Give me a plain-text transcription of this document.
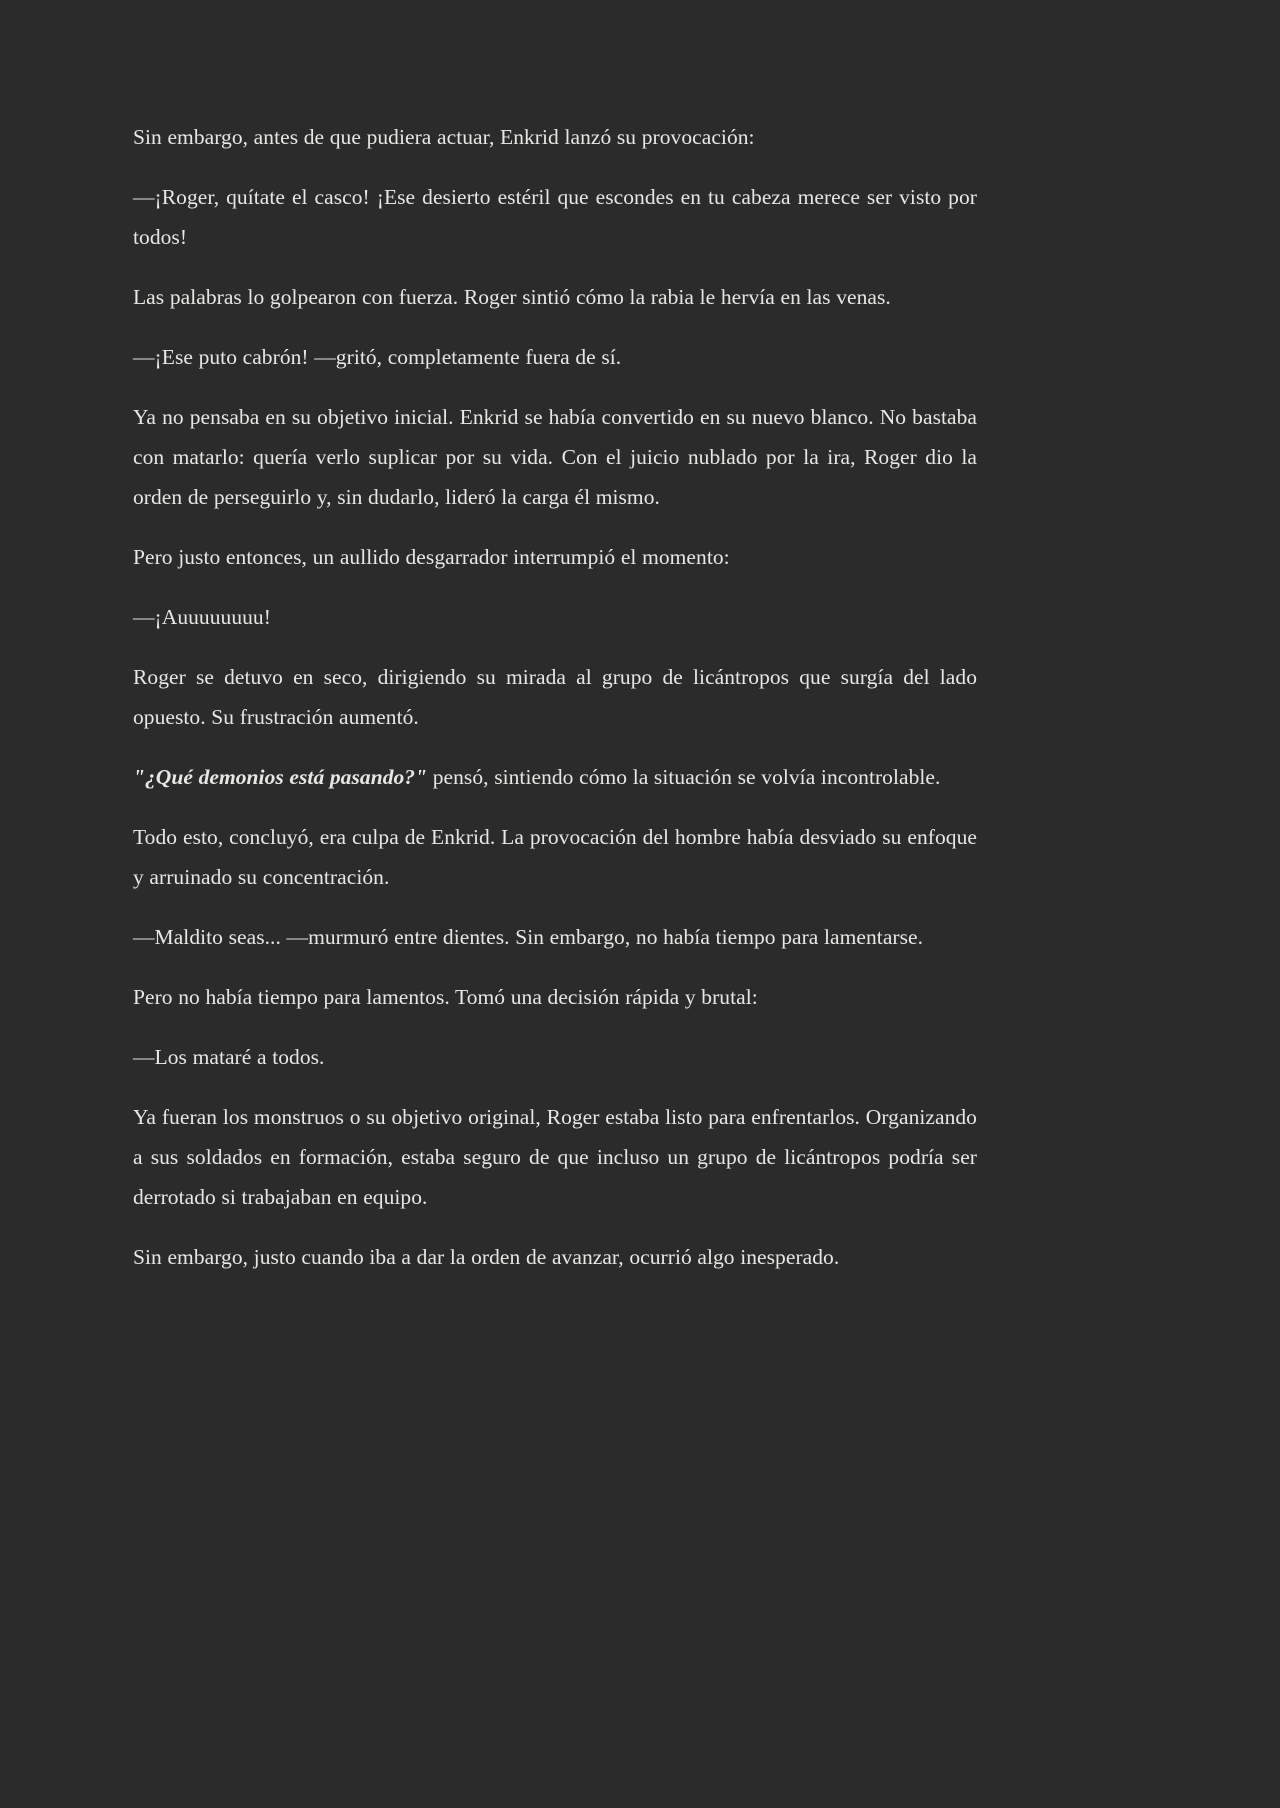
Sin embargo, antes de que pudiera actuar, Enkrid lanzó su provocación:

—¡Roger, quítate el casco! ¡Ese desierto estéril que escondes en tu cabeza merece ser visto por todos!

Las palabras lo golpearon con fuerza. Roger sintió cómo la rabia le hervía en las venas.

—¡Ese puto cabrón! —gritó, completamente fuera de sí.

Ya no pensaba en su objetivo inicial. Enkrid se había convertido en su nuevo blanco. No bastaba con matarlo: quería verlo suplicar por su vida. Con el juicio nublado por la ira, Roger dio la orden de perseguirlo y, sin dudarlo, lideró la carga él mismo.

Pero justo entonces, un aullido desgarrador interrumpió el momento:

—¡Auuuuuuuu!

Roger se detuvo en seco, dirigiendo su mirada al grupo de licántropos que surgía del lado opuesto. Su frustración aumentó.

"¿Qué demonios está pasando?" pensó, sintiendo cómo la situación se volvía incontrolable.

Todo esto, concluyó, era culpa de Enkrid. La provocación del hombre había desviado su enfoque y arruinado su concentración.

—Maldito seas... —murmuró entre dientes. Sin embargo, no había tiempo para lamentarse.

Pero no había tiempo para lamentos. Tomó una decisión rápida y brutal:

—Los mataré a todos.

Ya fueran los monstruos o su objetivo original, Roger estaba listo para enfrentarlos. Organizando a sus soldados en formación, estaba seguro de que incluso un grupo de licántropos podría ser derrotado si trabajaban en equipo.

Sin embargo, justo cuando iba a dar la orden de avanzar, ocurrió algo inesperado.
